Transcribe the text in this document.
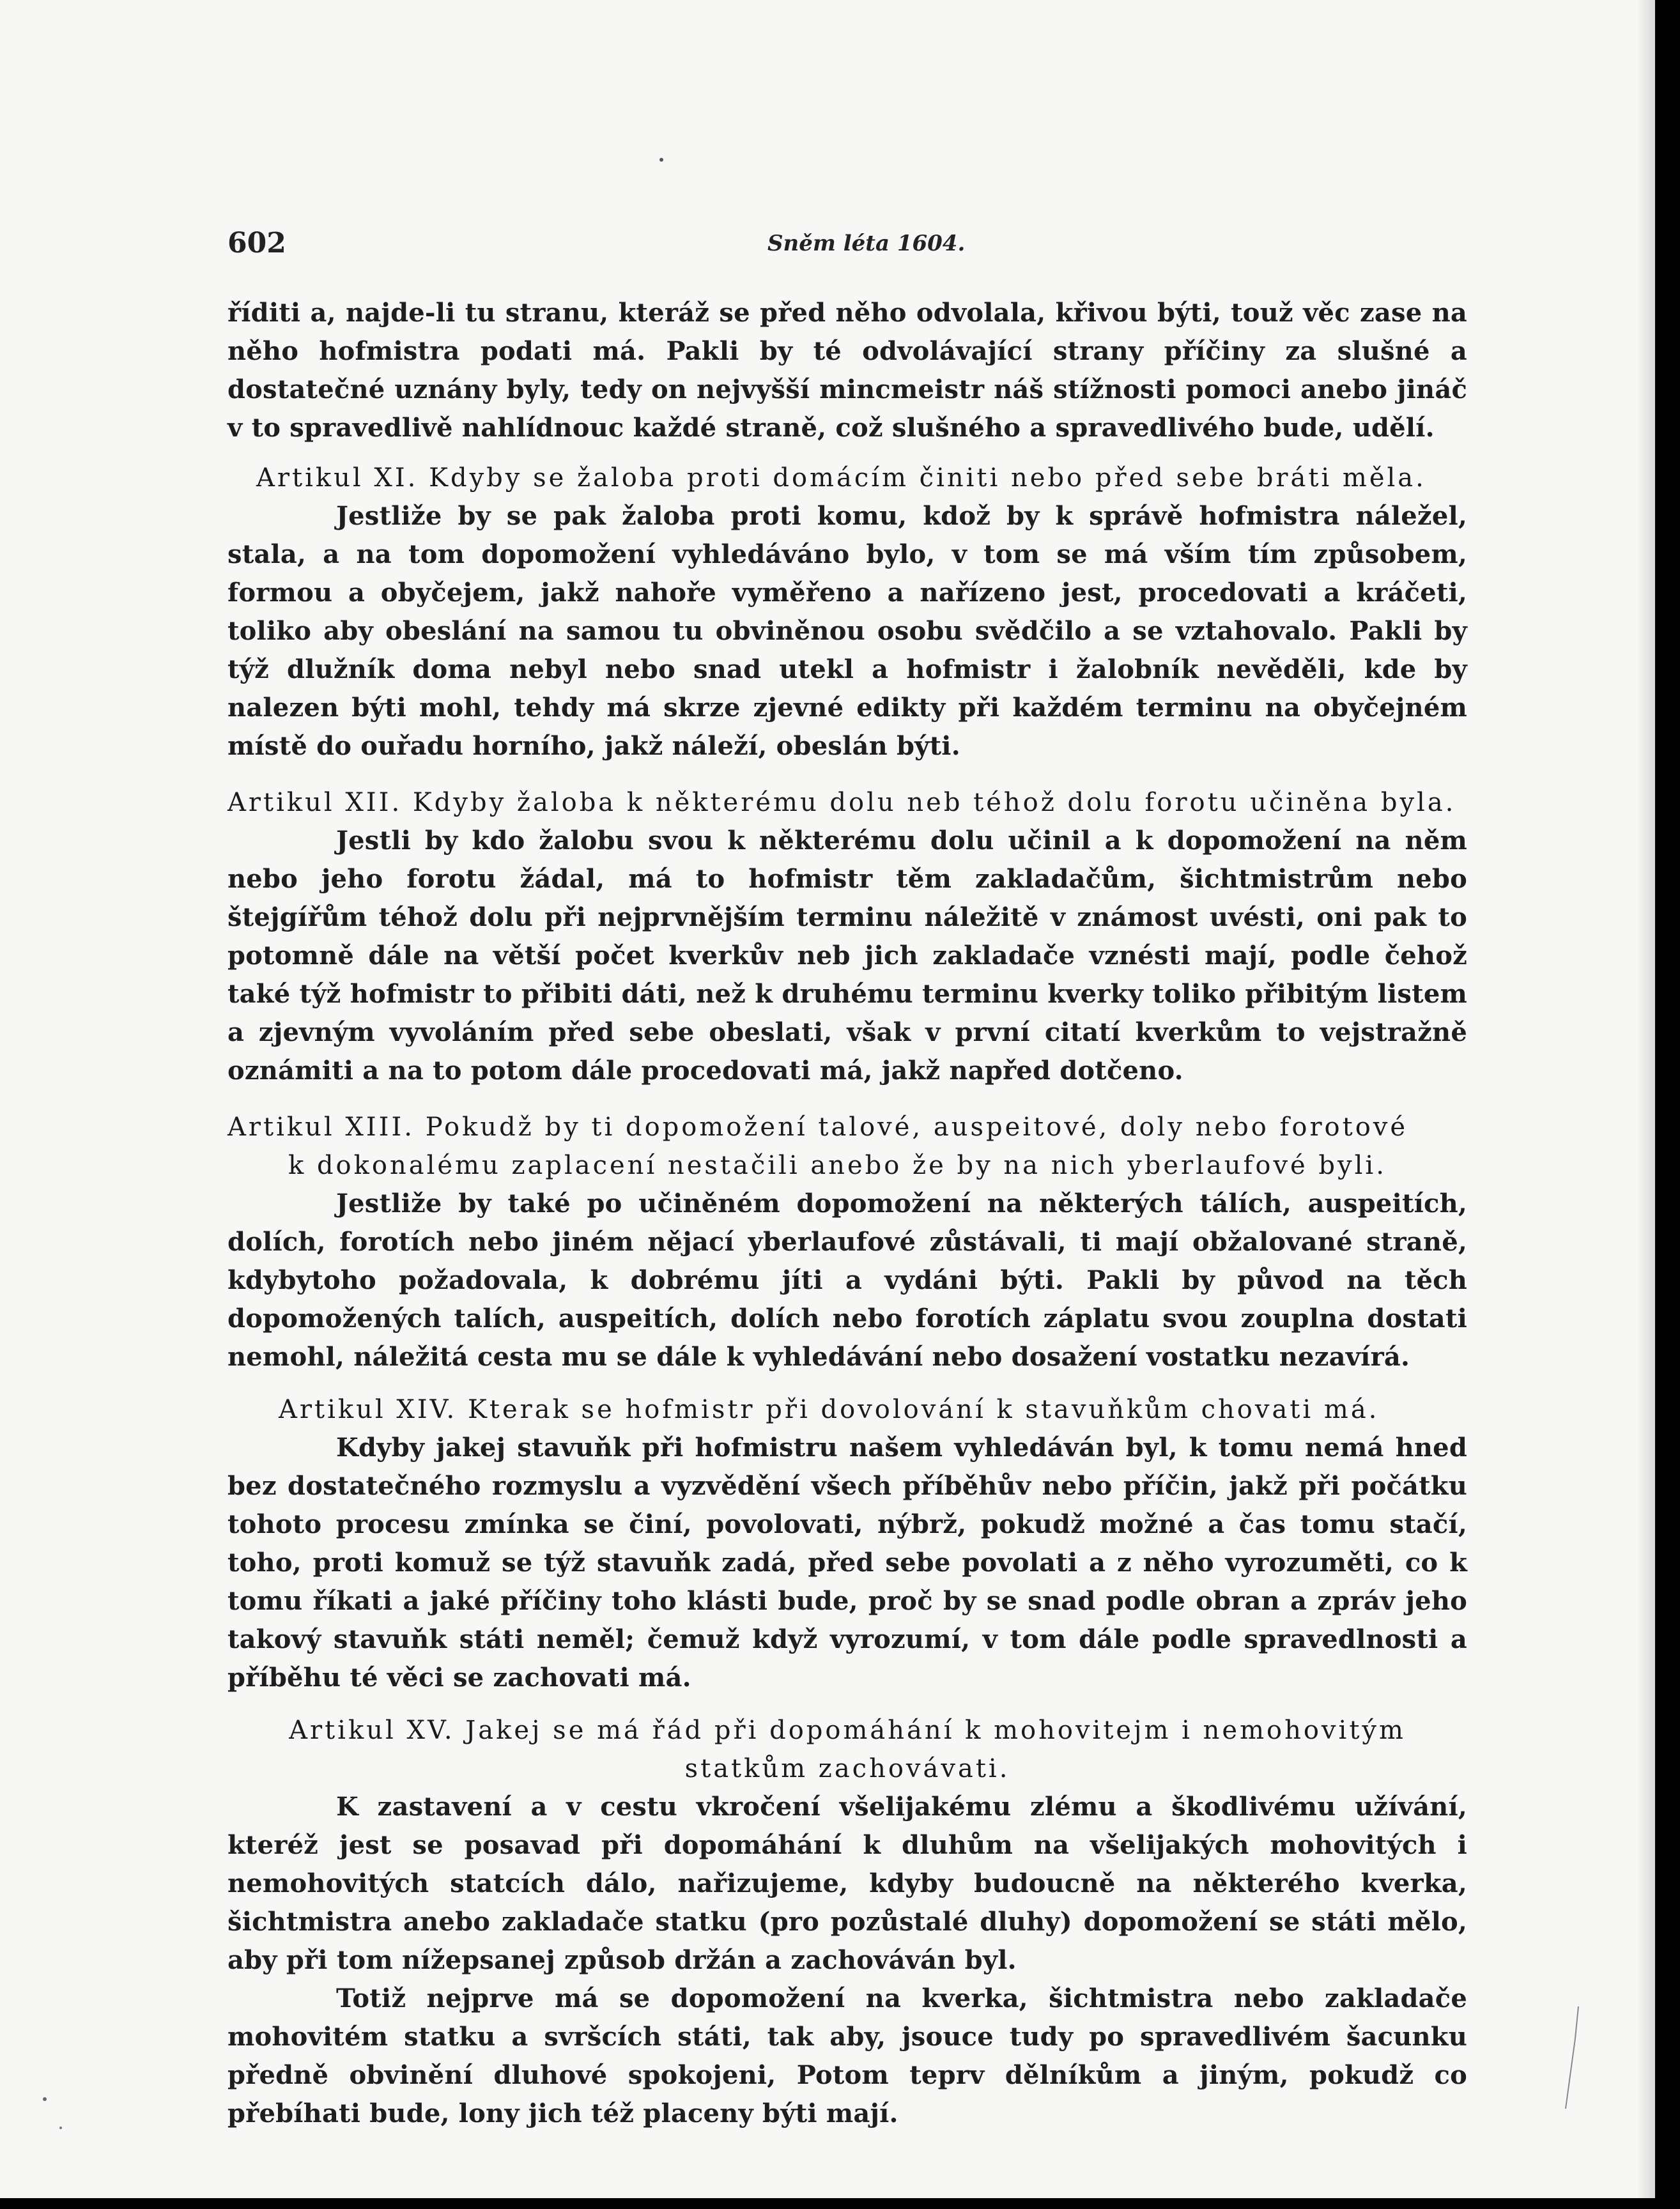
602	Sněm léta 1604.

říditi a, najde-li tu stranu, kteráž se před něho odvolala, křivou býti, touž věc zase na něho hofmistra podati má. Pakli by té odvolávající strany příčiny za slušné a dostatečné uznány byly, tedy on nejvyšší mincmeistr náš stížnosti pomoci anebo jináč v to spravedlivě nahlídnouc každé straně, což slušného a spravedlivého bude, udělí.

Artikul XI. Kdyby se žaloba proti domácím činiti nebo před sebe bráti měla.

Jestliže by se pak žaloba proti komu, kdož by k správě hofmistra náležel, stala, a na tom dopomožení vyhledáváno bylo, v tom se má vším tím způsobem, formou a obyčejem, jakž nahoře vyměřeno a nařízeno jest, procedovati a kráčeti, toliko aby obeslání na samou tu obviněnou osobu svědčilo a se vztahovalo. Pakli by týž dlužník doma nebyl nebo snad utekl a hofmistr i žalobník nevěděli, kde by nalezen býti mohl, tehdy má skrze zjevné edikty při každém terminu na obyčejném místě do ouřadu horního, jakž náleží, obeslán býti.

Artikul XII. Kdyby žaloba k některému dolu neb téhož dolu forotu učiněna byla.

Jestli by kdo žalobu svou k některému dolu učinil a k dopomožení na něm nebo jeho forotu žádal, má to hofmistr těm zakladačům, šichtmistrům nebo štejgířům téhož dolu při nejprvnějším terminu náležitě v známost uvésti, oni pak to potomně dále na větší počet kverkův neb jich zakladače vznésti mají, podle čehož také týž hofmistr to přibiti dáti, než k druhému terminu kverky toliko přibitým listem a zjevným vyvoláním před sebe obeslati, však v první citatí kverkům to vejstražně oznámiti a na to potom dále procedovati má, jakž napřed dotčeno.

Artikul XIII. Pokudž by ti dopomožení talové, auspeitové, doly nebo forotové
k dokonalému zaplacení nestačili anebo že by na nich yberlaufové byli.

Jestliže by také po učiněném dopomožení na některých tálích, auspeitích, dolích, forotích nebo jiném nějací yberlaufové zůstávali, ti mají obžalované straně, kdybytoho požadovala, k dobrému jíti a vydáni býti. Pakli by původ na těch dopomožených talích, auspeitích, dolích nebo forotích záplatu svou zouplna dostati nemohl, náležitá cesta mu se dále k vyhledávání nebo dosažení vostatku nezavírá.

Artikul XIV. Kterak se hofmistr při dovolování k stavuňkům chovati má.

Kdyby jakej stavuňk při hofmistru našem vyhledáván byl, k tomu nemá hned bez dostatečného rozmyslu a vyzvědění všech příběhův nebo příčin, jakž při počátku tohoto procesu zmínka se činí, povolovati, nýbrž, pokudž možné a čas tomu stačí, toho, proti komuž se týž stavuňk zadá, před sebe povolati a z něho vyrozuměti, co k tomu říkati a jaké příčiny toho klásti bude, proč by se snad podle obran a zpráv jeho takový stavuňk státi neměl; čemuž když vyrozumí, v tom dále podle spravedlnosti a příběhu té věci se zachovati má.

Artikul XV. Jakej se má řád při dopomáhání k mohovitejm i nemohovitým
statkům zachovávati.

K zastavení a v cestu vkročení všelijakému zlému a škodlivému užívání, kteréž jest se posavad při dopomáhání k dluhům na všelijakých mohovitých i nemohovitých statcích dálo, nařizujeme, kdyby budoucně na některého kverka, šichtmistra anebo zakladače statku (pro pozůstalé dluhy) dopomožení se státi mělo, aby při tom nížepsanej způsob držán a zachováván byl.

Totiž nejprve má se dopomožení na kverka, šichtmistra nebo zakladače mohovitém statku a svršcích státi, tak aby, jsouce tudy po spravedlivém šacunku předně obvinění dluhové spokojeni, Potom teprv dělníkům a jiným, pokudž co přebíhati bude, lony jich též placeny býti mají.
